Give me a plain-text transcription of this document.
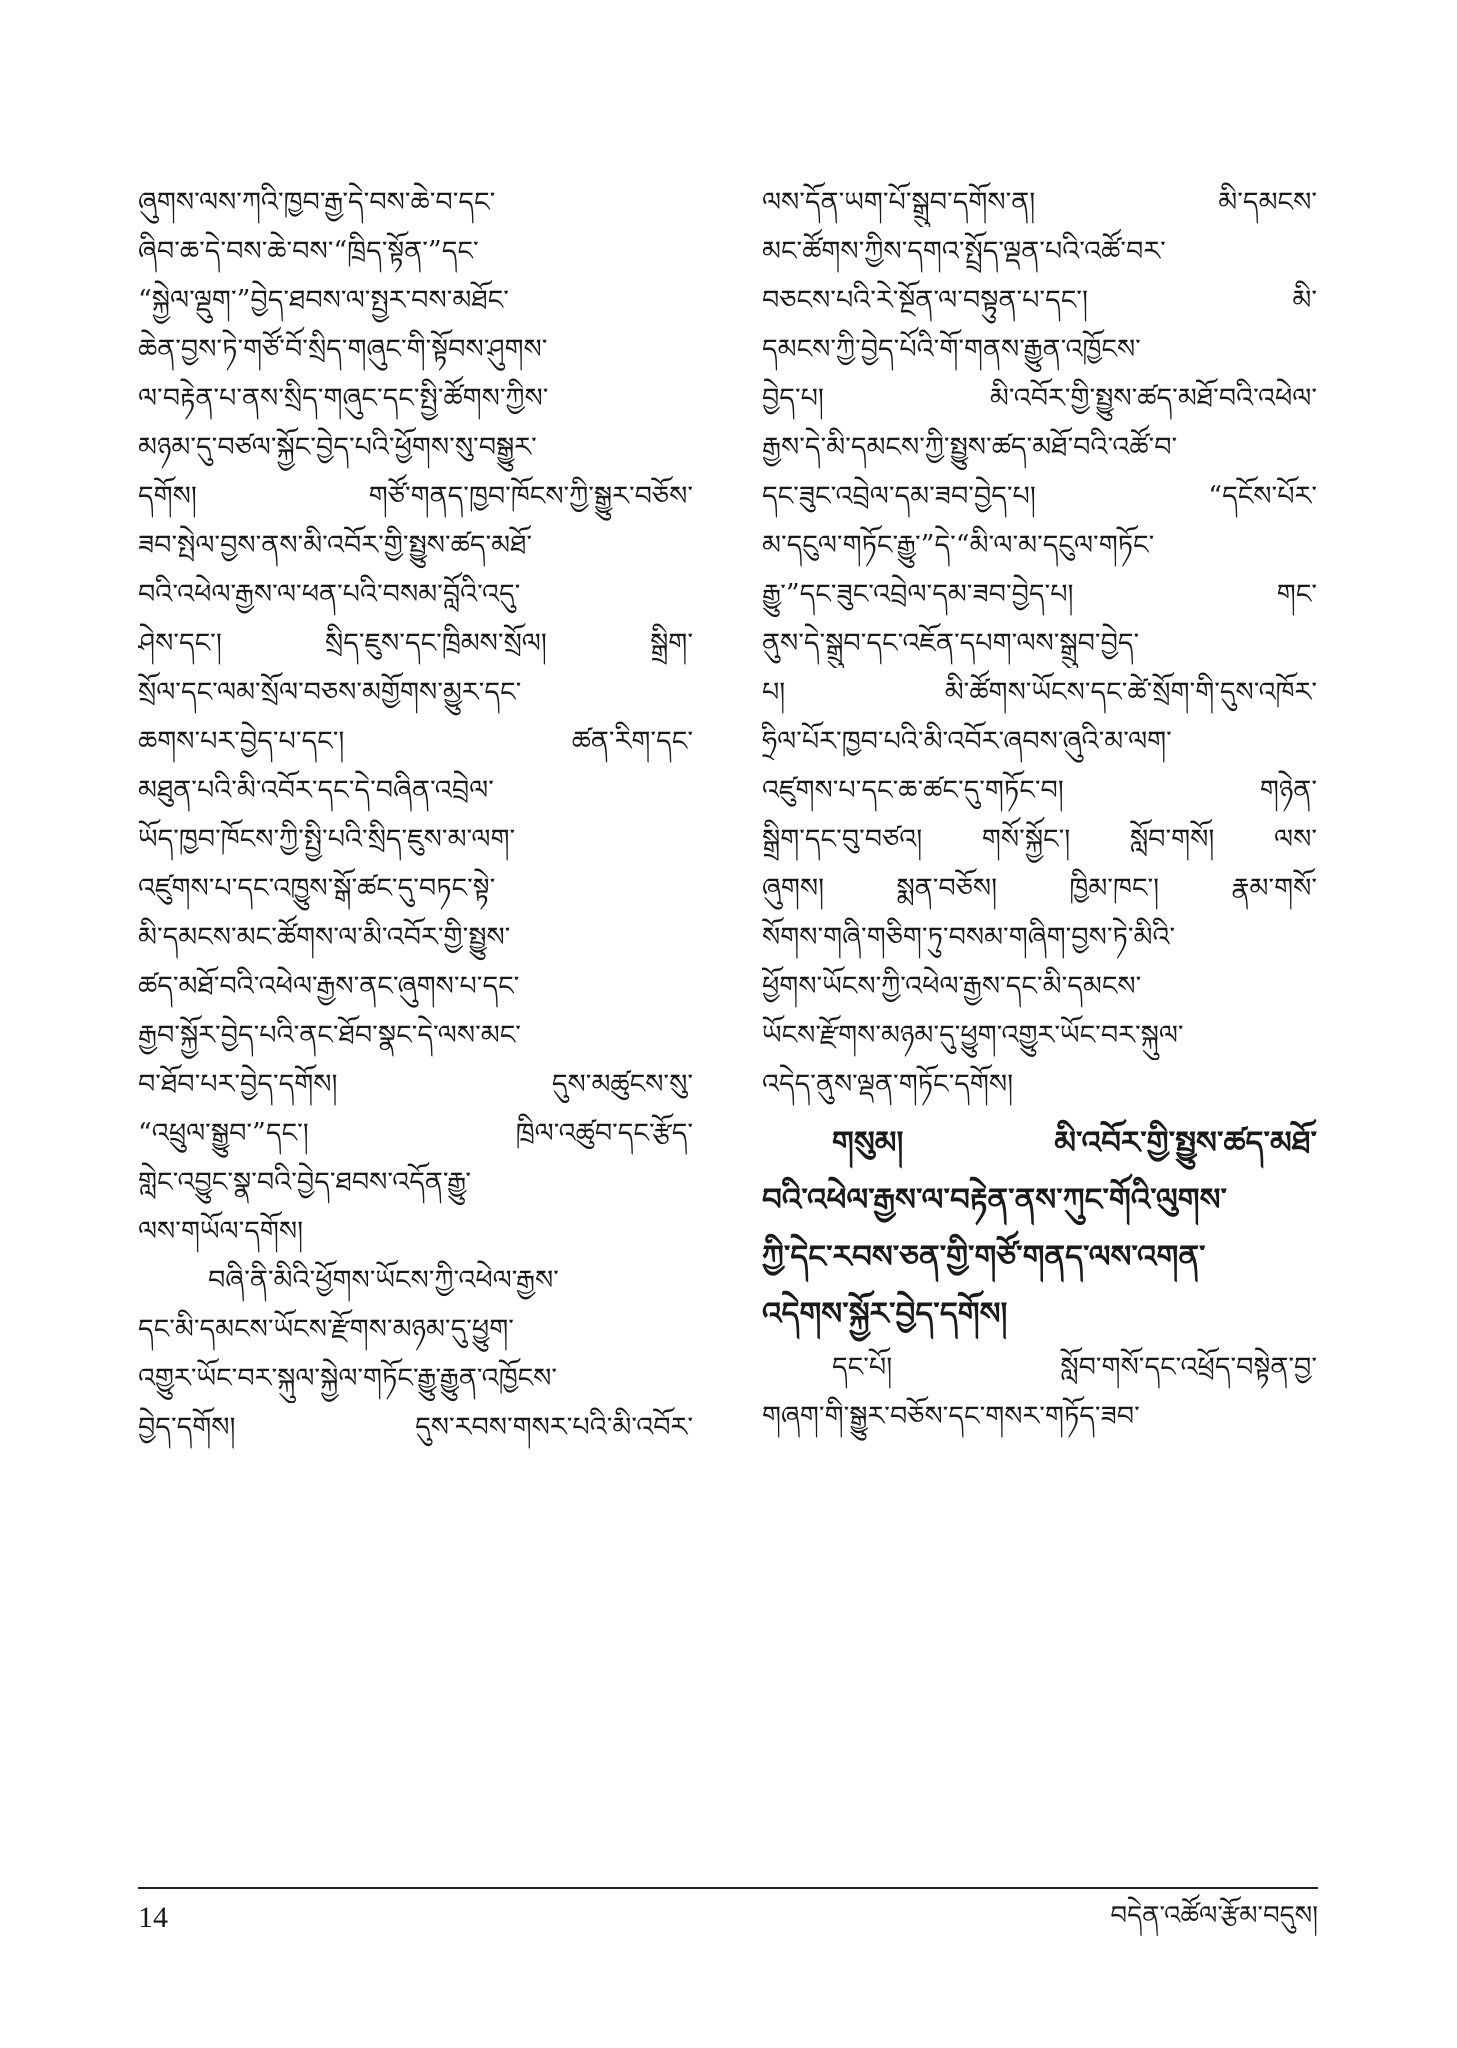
ཞུགས་ལས་ཀའི་ཁྱབ་རྒྱ་དེ་བས་ཆེ་བ་དང་
ཞིབ་ཆ་དེ་བས་ཆེ་བས་“ཁྲིད་སྟོན་”དང་
“སྐྱེལ་ལྡུག་”བྱེད་ཐབས་ལ་སྤྱར་བས་མཐོང་
ཆེན་བྱས་ཏེ་གཙོ་བོ་སྲིད་གཞུང་གི་སྟོབས་ཤུགས་
ལ་བརྟེན་པ་ནས་སྲིད་གཞུང་དང་སྤྱི་ཚོགས་ཀྱིས་
མཉམ་དུ་བཙལ་སྐྱོང་བྱེད་པའི་ཕྱོགས་སུ་བསྒྱུར་
དགོས། གཙོ་གནད་ཁྱབ་ཁོངས་ཀྱི་སྒྱུར་བཅོས་
ཟབ་སྤེལ་བྱས་ནས་མི་འབོར་གྱི་སྤྱུས་ཚད་མཐོ་
བའི་འཕེལ་རྒྱས་ལ་ཕན་པའི་བསམ་བློའི་འདུ་
ཤེས་དང་། སྲིད་ཇུས་དང་ཁྲིམས་སྲོལ། སྒྲིག་
སྲོལ་དང་ལམ་སྲོལ་བཅས་མགྱོགས་མྱུར་དང་
ཆགས་པར་བྱེད་པ་དང་། ཚན་རིག་དང་
མཐུན་པའི་མི་འབོར་དང་དེ་བཞིན་འབྲེལ་
ཡོད་ཁྱབ་ཁོངས་ཀྱི་སྤྱི་པའི་སྲིད་ཇུས་མ་ལག་
འཛུགས་པ་དང་འཁྱུས་སྒོ་ཚང་དུ་བཏང་སྟེ་
མི་དམངས་མང་ཚོགས་ལ་མི་འབོར་གྱི་སྤྱུས་
ཚད་མཐོ་བའི་འཕེལ་རྒྱས་ནང་ཞུགས་པ་དང་
རྒྱབ་སྐྱོར་བྱེད་པའི་ནང་ཐོབ་སྣང་དེ་ལས་མང་
བ་ཐོབ་པར་བྱེད་དགོས། དུས་མཚུངས་སུ་
“འཕྲུལ་སྒྱུབ་”དང་། ཁྲིལ་འཚུབ་དང་རྩོད་
གླེང་འབྱུང་སྣ་བའི་བྱེད་ཐབས་འདོན་རྒྱུ་
ལས་གཡོལ་དགོས།
བཞི་ནི་མིའི་ཕྱོགས་ཡོངས་ཀྱི་འཕེལ་རྒྱས་
དང་མི་དམངས་ཡོངས་རྫོགས་མཉམ་དུ་ཕྱུག་
འགྱུར་ཡོང་བར་སྐུལ་སྐྱེལ་གཏོང་རྒྱུ་རྒྱུན་འཁྱོངས་
བྱེད་དགོས། དུས་རབས་གསར་པའི་མི་འབོར་
ལས་དོན་ཡག་པོ་སྒྲུབ་དགོས་ན། མི་དམངས་
མང་ཚོགས་ཀྱིས་དགའ་སྤྲོད་ལྡན་པའི་འཚོ་བར་
བཅངས་པའི་རེ་སྔོན་ལ་བསྟུན་པ་དང་། མི་
དམངས་ཀྱི་བྱེད་པོའི་གོ་གནས་རྒྱུན་འཁྱོངས་
བྱེད་པ། མི་འབོར་གྱི་སྤྱུས་ཚད་མཐོ་བའི་འཕེལ་
རྒྱས་དེ་མི་དམངས་ཀྱི་སྤྱུས་ཚད་མཐོ་བའི་འཚོ་བ་
དང་ཟུང་འབྲེལ་དམ་ཟབ་བྱེད་པ། “དངོས་པོར་
མ་དངུལ་གཏོང་རྒྱུ་”དེ་“མི་ལ་མ་དངུལ་གཏོང་
རྒྱུ་”དང་ཟུང་འབྲེལ་དམ་ཟབ་བྱེད་པ། གང་
ནུས་དེ་སྒྲུབ་དང་འཇོན་དཔག་ལས་སྒྲུབ་བྱེད་
པ། མི་ཚོགས་ཡོངས་དང་ཚེ་སྲོག་གི་དུས་འཁོར་
ཧྲིལ་པོར་ཁྱབ་པའི་མི་འབོར་ཞབས་ཞུའི་མ་ལག་
འཛུགས་པ་དང་ཆ་ཚང་དུ་གཏོང་བ། གཉེན་
སྒྲིག་དང་བུ་བཙའ། གསོ་སྐྱོང་། སློབ་གསོ། ལས་
ཞུགས། སྨན་བཅོས། ཁྱིམ་ཁང་། རྣམ་གསོ་
སོགས་གཞི་གཅིག་ཏུ་བསམ་གཞིག་བྱས་ཏེ་མིའི་
ཕྱོགས་ཡོངས་ཀྱི་འཕེལ་རྒྱས་དང་མི་དམངས་
ཡོངས་རྫོགས་མཉམ་དུ་ཕྱུག་འགྱུར་ཡོང་བར་སྐུལ་
འདེད་ནུས་ལྡན་གཏོང་དགོས།
གསུམ། མི་འབོར་གྱི་སྤྱུས་ཚད་མཐོ་
བའི་འཕེལ་རྒྱས་ལ་བརྟེན་ནས་ཀུང་གོའི་ལུགས་
ཀྱི་དེང་རབས་ཅན་གྱི་གཙོ་གནད་ལས་འགན་
འདེགས་སྐྱོར་བྱེད་དགོས།
དང་པོ། སློབ་གསོ་དང་འཕྲོད་བསྟེན་བྱ་
གཞག་གི་སྒྱུར་བཅོས་དང་གསར་གཏོད་ཟབ་
14	བདེན་འཚོལ་རྩོམ་བདུས།
